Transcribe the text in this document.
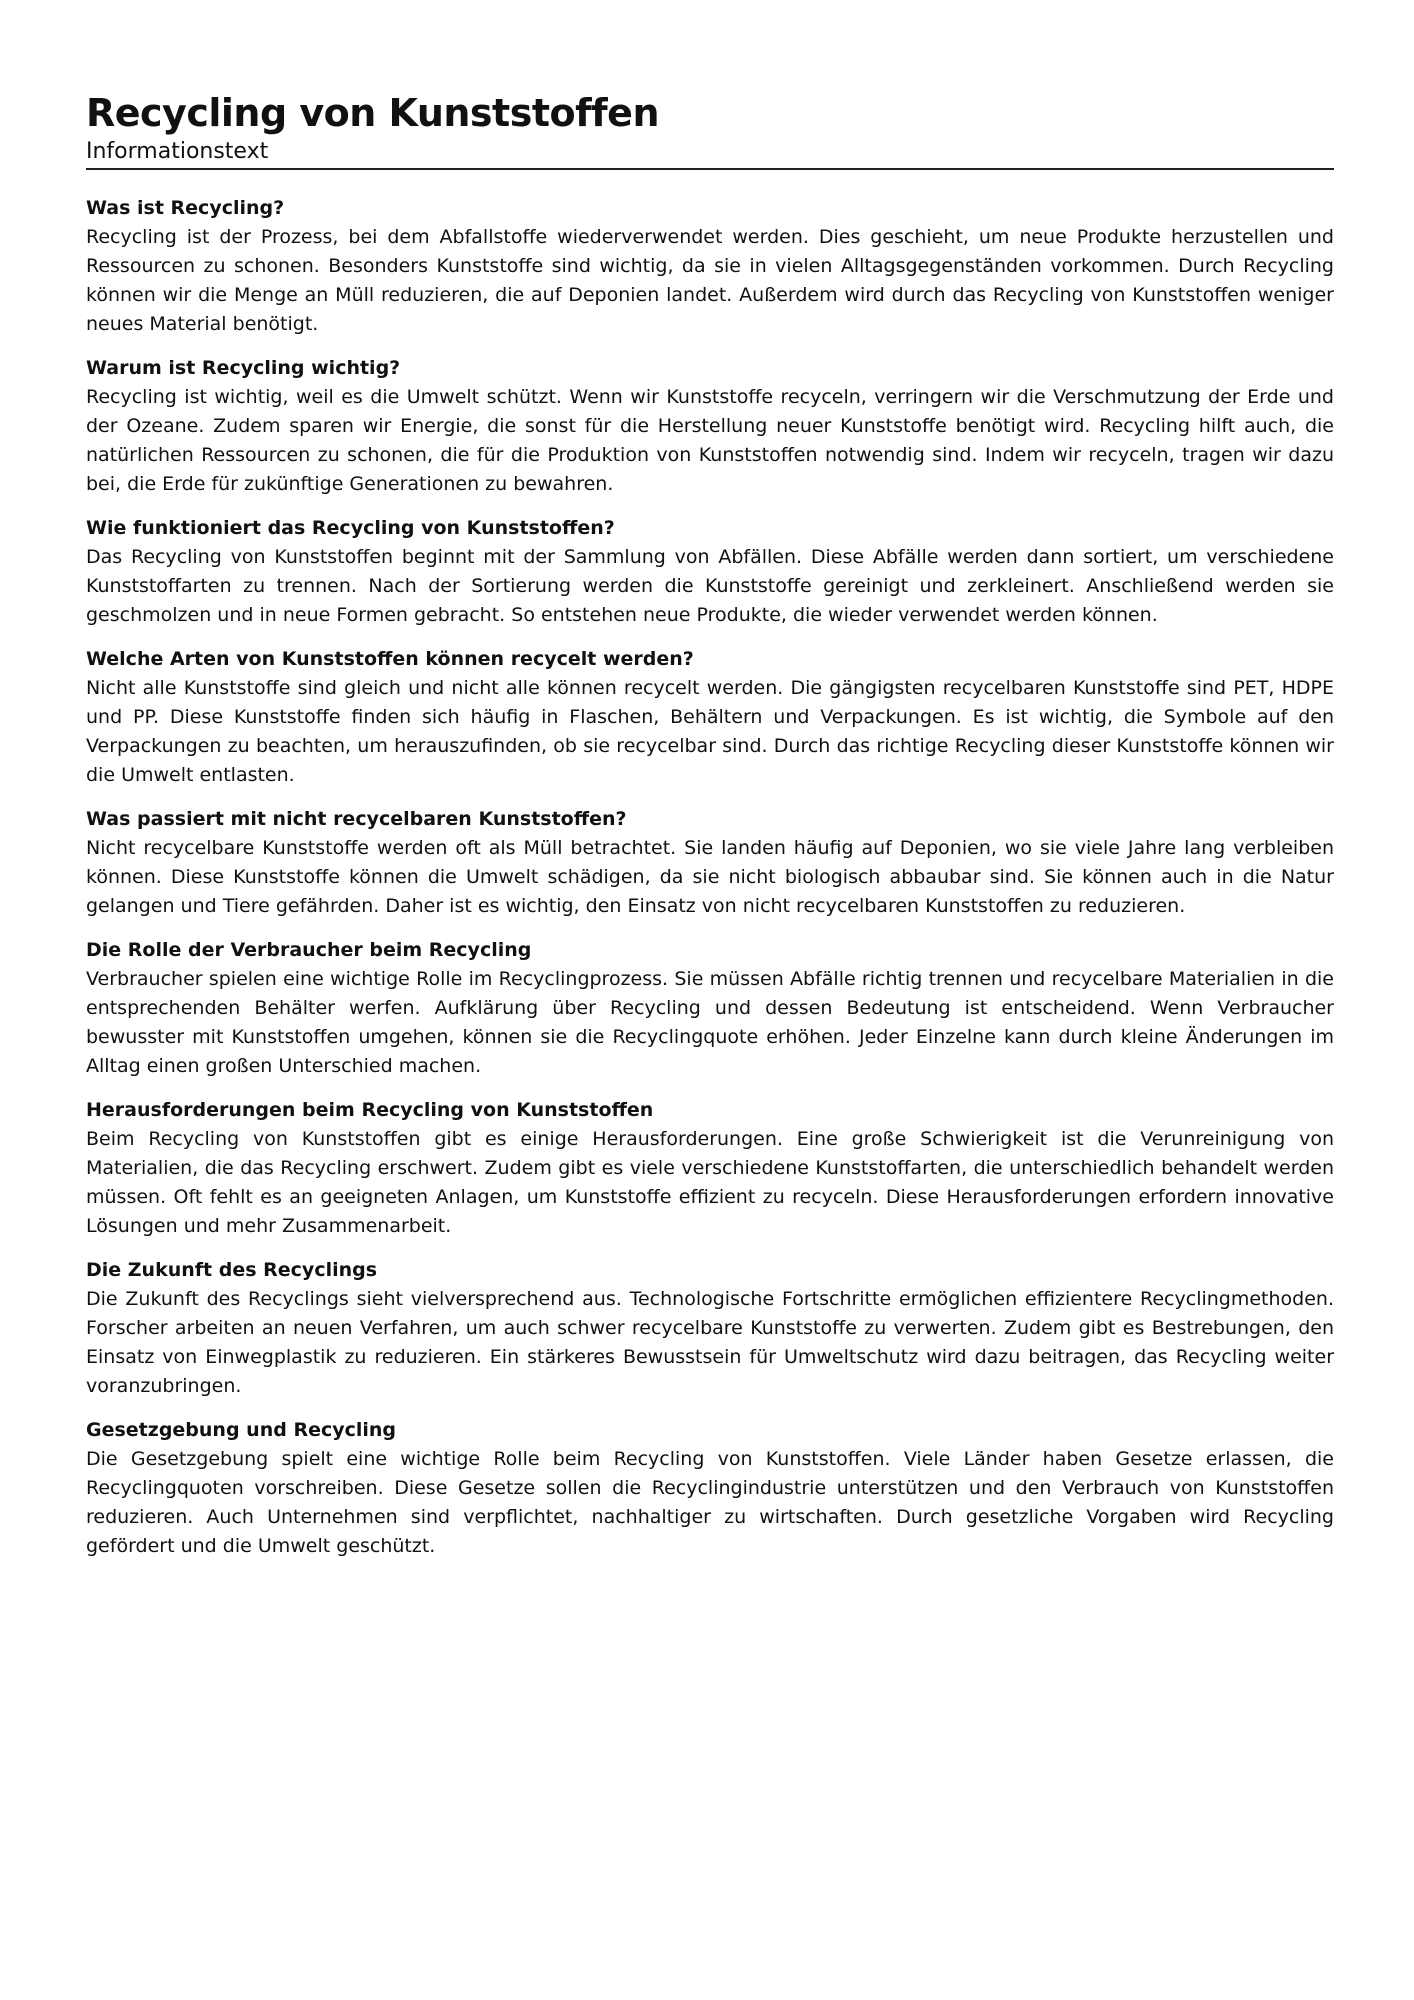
Recycling von Kunststoffen
Informationstext

Was ist Recycling?

Recycling ist der Prozess, bei dem Abfallstoffe wiederverwendet werden. Dies geschieht, um neue Produkte herzustellen und Ressourcen zu schonen. Besonders Kunststoffe sind wichtig, da sie in vielen Alltagsgegenständen vorkommen. Durch Recycling können wir die Menge an Müll reduzieren, die auf Deponien landet. Außerdem wird durch das Recycling von Kunststoffen weniger neues Material benötigt.

Warum ist Recycling wichtig?

Recycling ist wichtig, weil es die Umwelt schützt. Wenn wir Kunststoffe recyceln, verringern wir die Verschmutzung der Erde und der Ozeane. Zudem sparen wir Energie, die sonst für die Herstellung neuer Kunststoffe benötigt wird. Recycling hilft auch, die natürlichen Ressourcen zu schonen, die für die Produktion von Kunststoffen notwendig sind. Indem wir recyceln, tragen wir dazu bei, die Erde für zukünftige Generationen zu bewahren.

Wie funktioniert das Recycling von Kunststoffen?

Das Recycling von Kunststoffen beginnt mit der Sammlung von Abfällen. Diese Abfälle werden dann sortiert, um verschiedene Kunststoffarten zu trennen. Nach der Sortierung werden die Kunststoffe gereinigt und zerkleinert. Anschließend werden sie geschmolzen und in neue Formen gebracht. So entstehen neue Produkte, die wieder verwendet werden können.

Welche Arten von Kunststoffen können recycelt werden?

Nicht alle Kunststoffe sind gleich und nicht alle können recycelt werden. Die gängigsten recycelbaren Kunststoffe sind PET, HDPE und PP. Diese Kunststoffe finden sich häufig in Flaschen, Behältern und Verpackungen. Es ist wichtig, die Symbole auf den Verpackungen zu beachten, um herauszufinden, ob sie recycelbar sind. Durch das richtige Recycling dieser Kunststoffe können wir die Umwelt entlasten.

Was passiert mit nicht recycelbaren Kunststoffen?

Nicht recycelbare Kunststoffe werden oft als Müll betrachtet. Sie landen häufig auf Deponien, wo sie viele Jahre lang verbleiben können. Diese Kunststoffe können die Umwelt schädigen, da sie nicht biologisch abbaubar sind. Sie können auch in die Natur gelangen und Tiere gefährden. Daher ist es wichtig, den Einsatz von nicht recycelbaren Kunststoffen zu reduzieren.

Die Rolle der Verbraucher beim Recycling

Verbraucher spielen eine wichtige Rolle im Recyclingprozess. Sie müssen Abfälle richtig trennen und recycelbare Materialien in die entsprechenden Behälter werfen. Aufklärung über Recycling und dessen Bedeutung ist entscheidend. Wenn Verbraucher bewusster mit Kunststoffen umgehen, können sie die Recyclingquote erhöhen. Jeder Einzelne kann durch kleine Änderungen im Alltag einen großen Unterschied machen.

Herausforderungen beim Recycling von Kunststoffen

Beim Recycling von Kunststoffen gibt es einige Herausforderungen. Eine große Schwierigkeit ist die Verunreinigung von Materialien, die das Recycling erschwert. Zudem gibt es viele verschiedene Kunststoffarten, die unterschiedlich behandelt werden müssen. Oft fehlt es an geeigneten Anlagen, um Kunststoffe effizient zu recyceln. Diese Herausforderungen erfordern innovative Lösungen und mehr Zusammenarbeit.

Die Zukunft des Recyclings

Die Zukunft des Recyclings sieht vielversprechend aus. Technologische Fortschritte ermöglichen effizientere Recyclingmethoden. Forscher arbeiten an neuen Verfahren, um auch schwer recycelbare Kunststoffe zu verwerten. Zudem gibt es Bestrebungen, den Einsatz von Einwegplastik zu reduzieren. Ein stärkeres Bewusstsein für Umweltschutz wird dazu beitragen, das Recycling weiter voranzubringen.

Gesetzgebung und Recycling

Die Gesetzgebung spielt eine wichtige Rolle beim Recycling von Kunststoffen. Viele Länder haben Gesetze erlassen, die Recyclingquoten vorschreiben. Diese Gesetze sollen die Recyclingindustrie unterstützen und den Verbrauch von Kunststoffen reduzieren. Auch Unternehmen sind verpflichtet, nachhaltiger zu wirtschaften. Durch gesetzliche Vorgaben wird Recycling gefördert und die Umwelt geschützt.
